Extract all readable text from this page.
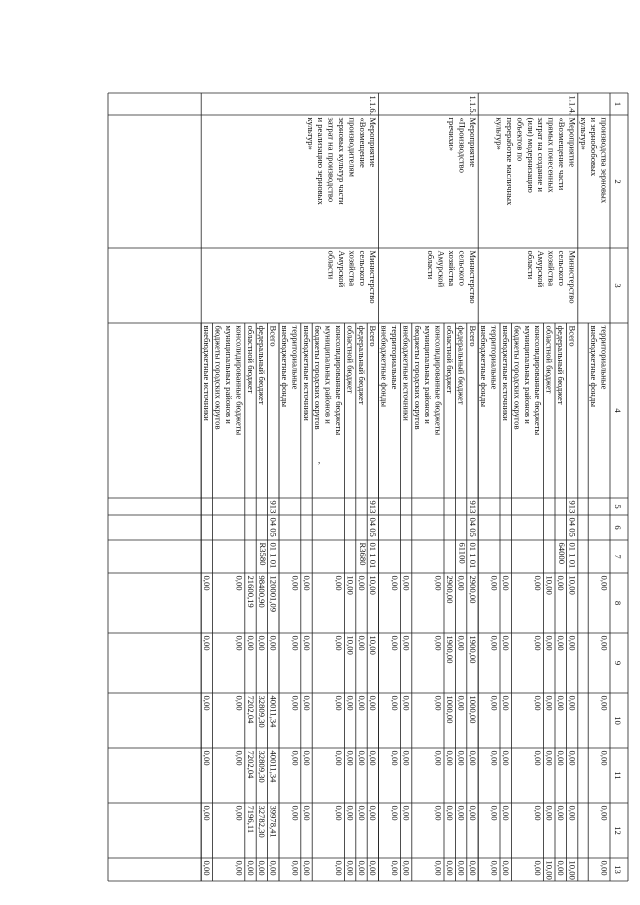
1
2
3
4
5
6
7
8
9
10
11
12
13
производства зерновых
и зернобобовых
культур»
территориальные
внебюджетные фонды
0,00
0,00
0,00
0,00
0,00
0,00
1.1.4.
Мероприятие
«Возмещение части
прямых понесенных
затрат на создание и
(или) модернизацию
объектов по
переработке масличных
культур»
Министерство
сельского
хозяйства
Амурской
области
913
04 05
01 1 01
64000
Всего
10,00
0,00
0,00
0,00
0,00
10,00
федеральный бюджет
0,00
0,00
0,00
0,00
0,00
0,00
областной бюджет
10,00
0,00
0,00
0,00
0,00
10,00
консолидированные бюджеты
муниципальных районов и
бюджеты городских округов
0,00
0,00
0,00
0,00
0,00
0,00
внебюджетные источники
0,00
0,00
0,00
0,00
0,00
0,00
территориальные
внебюджетные фонды
0,00
0,00
0,00
0,00
0,00
0,00
1.1.5.
Мероприятие
«Производство
гречихи»
Министерство
сельского
хозяйства
Амурской
области
913
04 05
01 1 01
61100
Всего
2900,00
1900,00
1000,00
0,00
0,00
0,00
федеральный бюджет
0,00
0,00
0,00
0,00
0,00
0,00
областной бюджет
2900,00
1900,00
1000,00
0,00
0,00
0,00
консолидированные бюджеты
муниципальных районов и
бюджеты городских округов
0,00
0,00
0,00
0,00
0,00
0,00
внебюджетные источники
0,00
0,00
0,00
0,00
0,00
0,00
территориальные
внебюджетные фонды
0,00
0,00
0,00
0,00
0,00
0,00
1.1.6.
Мероприятие
«Возмещение
производителям
зерновых культур части
затрат на производство
и реализацию зерновых
культур»
Министерство
сельского
хозяйства
Амурской
области
913
04 05
01 1 01
R3680
Всего
10,00
10,00
0,00
0,00
0,00
0,00
федеральный бюджет
0,00
0,00
0,00
0,00
0,00
0,00
областной бюджет
10,00
10,00
0,00
0,00
0,00
0,00
консолидированные бюджеты
муниципальных районов и
бюджеты городских округов
0,00
0,00
0,00
0,00
0,00
0,00
внебюджетные источники
0,00
0,00
0,00
0,00
0,00
0,00
территориальные
внебюджетные фонды
0,00
0,00
0,00
0,00
0,00
0,00
913
04 05
01 1 01
R3580
Всего
120001,09
0,00
40011,34
40011,34
39978,41
0,00
федеральный бюджет
98400,90
0,00
32809,30
32809,30
32782,30
0,00
областной бюджет
21600,19
0,00
7202,04
7202,04
7196,11
0,00
консолидированные бюджеты
муниципальных районов и
бюджеты городских округов
0,00
0,00
0,00
0,00
0,00
0,00
внебюджетные источники
0,00
0,00
0,00
0,00
0,00
0,00
,
